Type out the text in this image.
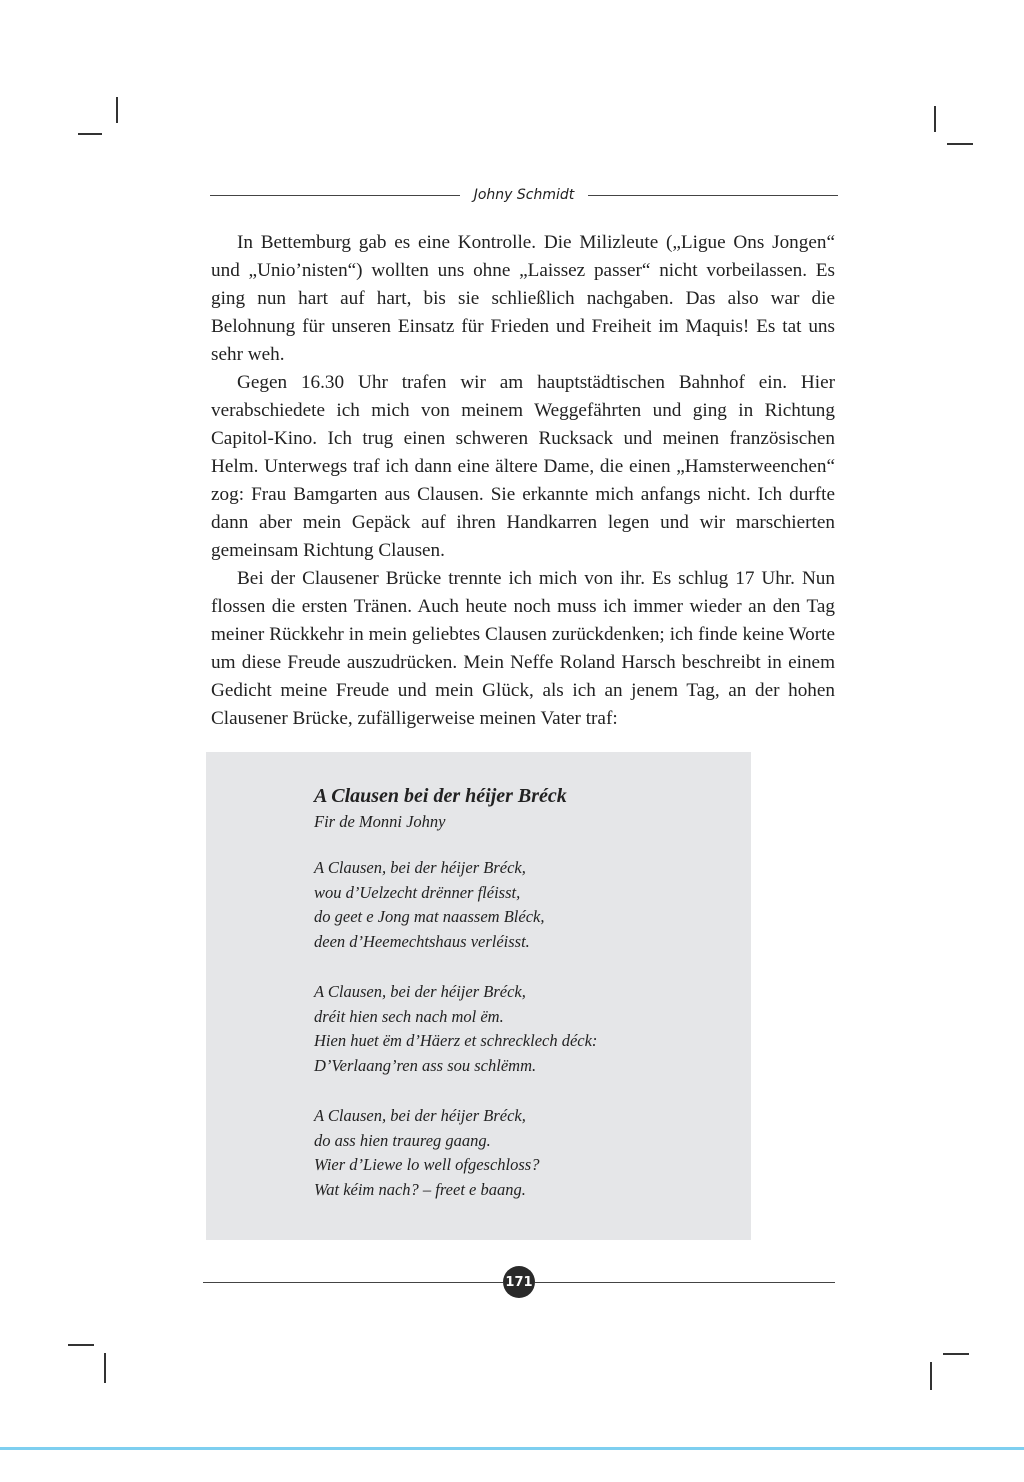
Johny Schmidt

In Bettemburg gab es eine Kontrolle. Die Milizleute („Ligue Ons Jongen“ und „Unio’nisten“) wollten uns ohne „Laissez passer“ nicht vorbeilassen. Es ging nun hart auf hart, bis sie schließlich nachgaben. Das also war die Belohnung für unseren Einsatz für Frieden und Freiheit im Maquis! Es tat uns sehr weh.

Gegen 16.30 Uhr trafen wir am hauptstädtischen Bahnhof ein. Hier verabschiedete ich mich von meinem Weggefährten und ging in Richtung Capitol-Kino. Ich trug einen schweren Rucksack und meinen französischen Helm. Unterwegs traf ich dann eine ältere Dame, die einen „Hamsterweenchen“ zog: Frau Bamgarten aus Clausen. Sie erkannte mich anfangs nicht. Ich durfte dann aber mein Gepäck auf ihren Handkarren legen und wir marschierten gemeinsam Richtung Clausen.

Bei der Clausener Brücke trennte ich mich von ihr. Es schlug 17 Uhr. Nun flossen die ersten Tränen. Auch heute noch muss ich immer wieder an den Tag meiner Rückkehr in mein geliebtes Clausen zurückdenken; ich finde keine Worte um diese Freude auszudrücken. Mein Neffe Roland Harsch beschreibt in einem Gedicht meine Freude und mein Glück, als ich an jenem Tag, an der hohen Clausener Brücke, zufälligerweise meinen Vater traf:

A Clausen bei der héijer Bréck
Fir de Monni Johny
A Clausen, bei der héijer Bréck,
wou d’Uelzecht drënner fléisst,
do geet e Jong mat naassem Bléck,
deen d’Heemechtshaus verléisst.
A Clausen, bei der héijer Bréck,
dréit hien sech nach mol ëm.
Hien huet ëm d’Häerz et schrecklech déck:
D’Verlaang’ren ass sou schlëmm.
A Clausen, bei der héijer Bréck,
do ass hien traureg gaang.
Wier d’Liewe lo well ofgeschloss?
Wat kéim nach? – freet e baang.
171
